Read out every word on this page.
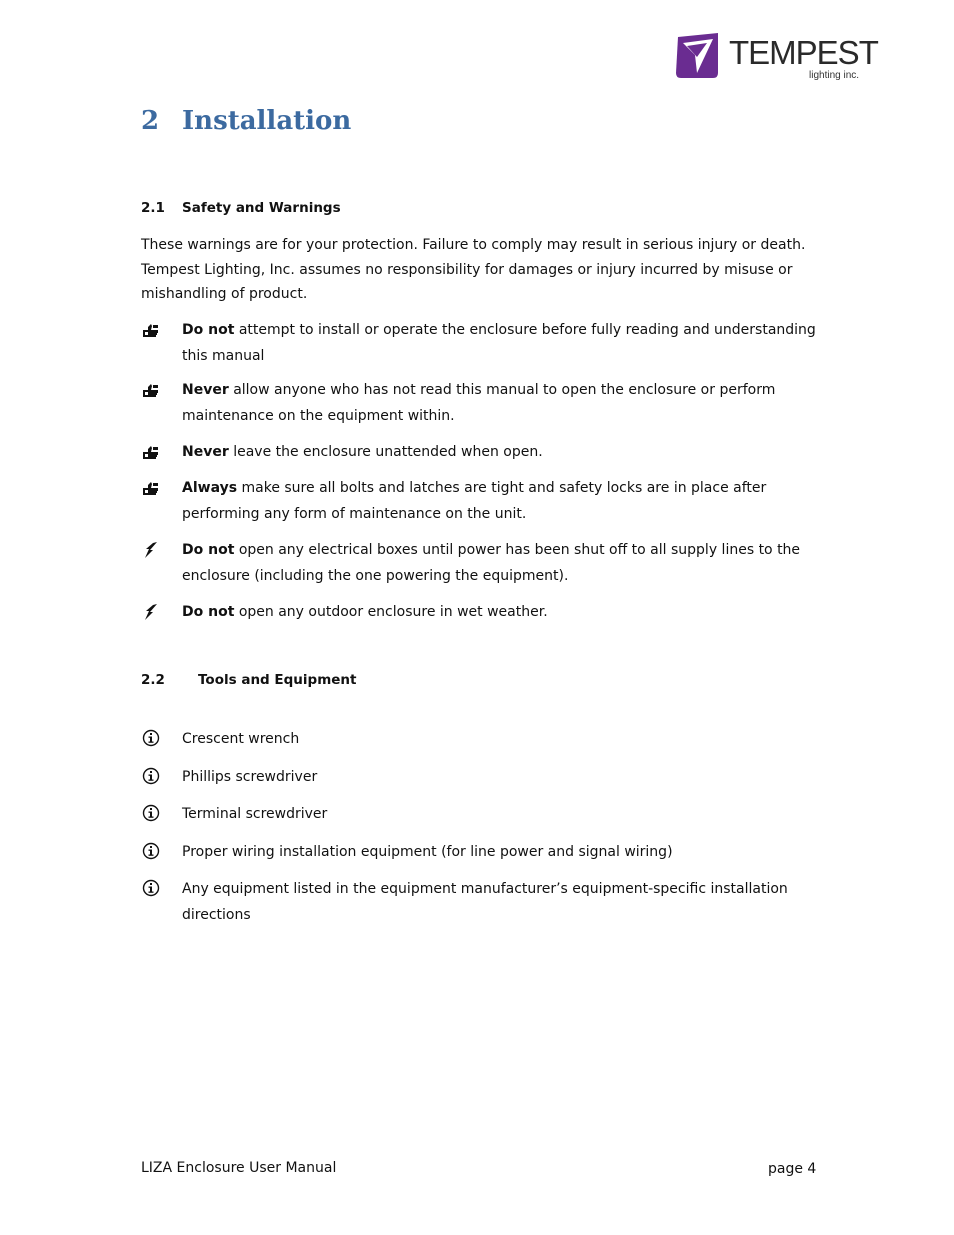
TEMPEST
lighting inc.
2 Installation
2.1 Safety and Warnings
These warnings are for your protection. Failure to comply may result in serious injury or death. Tempest Lighting, Inc. assumes no responsibility for damages or injury incurred by misuse or mishandling of product.
Do not attempt to install or operate the enclosure before fully reading and understanding this manual
Never allow anyone who has not read this manual to open the enclosure or perform maintenance on the equipment within.
Never leave the enclosure unattended when open.
Always make sure all bolts and latches are tight and safety locks are in place after performing any form of maintenance on the unit.
Do not open any electrical boxes until power has been shut off to all supply lines to the enclosure (including the one powering the equipment).
Do not open any outdoor enclosure in wet weather.
2.2 Tools and Equipment
Crescent wrench
Phillips screwdriver
Terminal screwdriver
Proper wiring installation equipment (for line power and signal wiring)
Any equipment listed in the equipment manufacturer’s equipment-specific installation directions
LIZA Enclosure User Manual	page 4
